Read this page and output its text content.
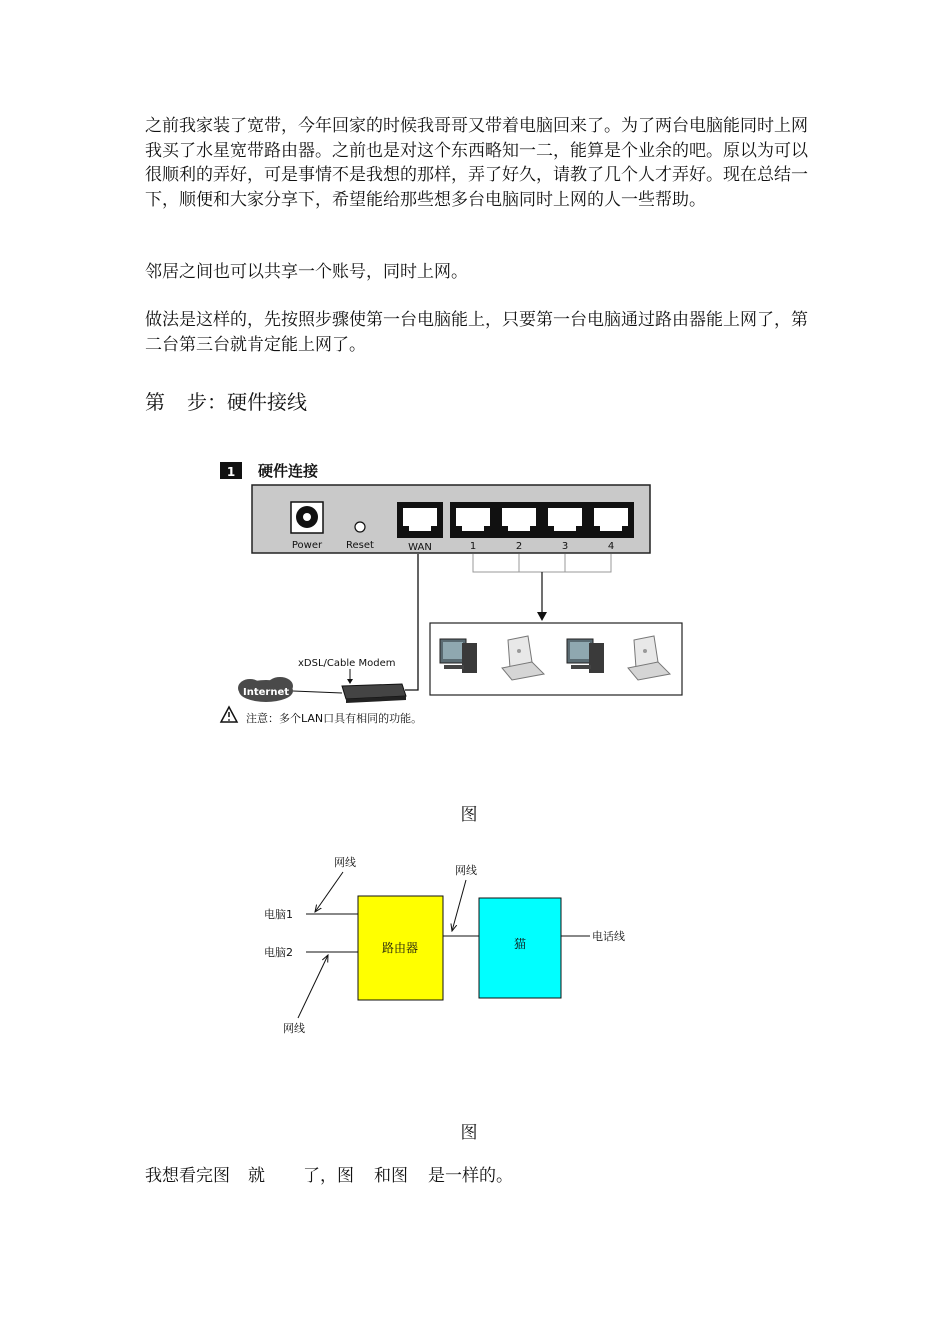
之前我家装了宽带，今年回家的时候我哥哥又带着电脑回来了。为了两台电脑能同时上网我买了水星宽带路由器。之前也是对这个东西略知一二，能算是个业余的吧。原以为可以很顺利的弄好，可是事情不是我想的那样，弄了好久，请教了几个人才弄好。现在总结一下，顺便和大家分享下，希望能给那些想多台电脑同时上网的人一些帮助。

邻居之间也可以共享一个账号，同时上网。

做法是这样的，先按照步骤使第一台电脑能上，只要第一台电脑通过路由器能上网了，第二台第三台就肯定能上网了。

第 步：硬件接线

1 硬件连接
Power Reset	WAN	1	2	3	4
xDSL/Cable Modem
Internet
注意：多个LAN口具有相同的功能。

图

网线
电脑1
电脑2
网线
路由器
网线
猫
电话线

图

我想看完图 就 了，图 和图 是一样的。
